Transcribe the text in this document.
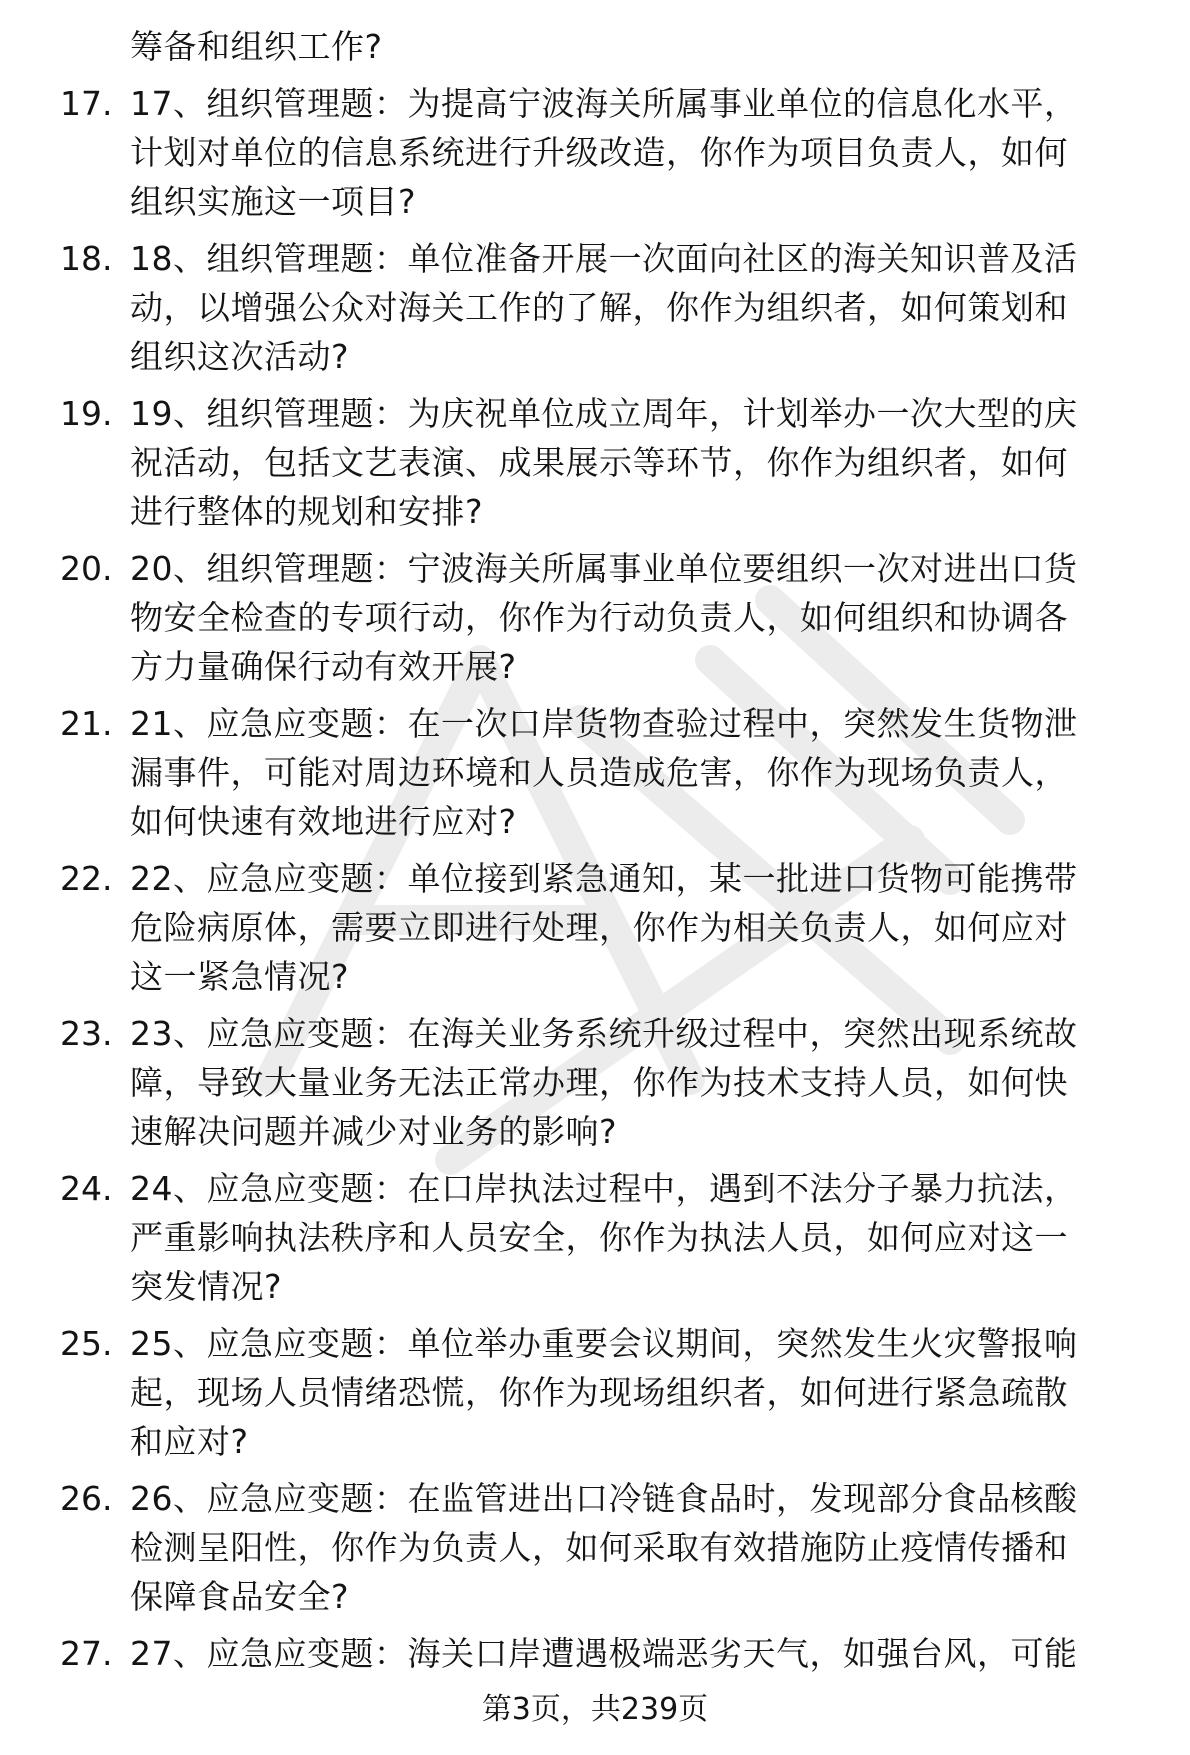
筹备和组织工作?
17. 17、组织管理题：为提高宁波海关所属事业单位的信息化水平，
计划对单位的信息系统进行升级改造，你作为项目负责人，如何
组织实施这一项目?
18. 18、组织管理题：单位准备开展一次面向社区的海关知识普及活
动，以增强公众对海关工作的了解，你作为组织者，如何策划和
组织这次活动?
19. 19、组织管理题：为庆祝单位成立周年，计划举办一次大型的庆
祝活动，包括文艺表演、成果展示等环节，你作为组织者，如何
进行整体的规划和安排?
20. 20、组织管理题：宁波海关所属事业单位要组织一次对进出口货
物安全检查的专项行动，你作为行动负责人，如何组织和协调各
方力量确保行动有效开展?
21. 21、应急应变题：在一次口岸货物查验过程中，突然发生货物泄
漏事件，可能对周边环境和人员造成危害，你作为现场负责人，
如何快速有效地进行应对?
22. 22、应急应变题：单位接到紧急通知，某一批进口货物可能携带
危险病原体，需要立即进行处理，你作为相关负责人，如何应对
这一紧急情况?
23. 23、应急应变题：在海关业务系统升级过程中，突然出现系统故
障，导致大量业务无法正常办理，你作为技术支持人员，如何快
速解决问题并减少对业务的影响?
24. 24、应急应变题：在口岸执法过程中，遇到不法分子暴力抗法，
严重影响执法秩序和人员安全，你作为执法人员，如何应对这一
突发情况?
25. 25、应急应变题：单位举办重要会议期间，突然发生火灾警报响
起，现场人员情绪恐慌，你作为现场组织者，如何进行紧急疏散
和应对?
26. 26、应急应变题：在监管进出口冷链食品时，发现部分食品核酸
检测呈阳性，你作为负责人，如何采取有效措施防止疫情传播和
保障食品安全?
27. 27、应急应变题：海关口岸遭遇极端恶劣天气，如强台风，可能
第3页，共239页
